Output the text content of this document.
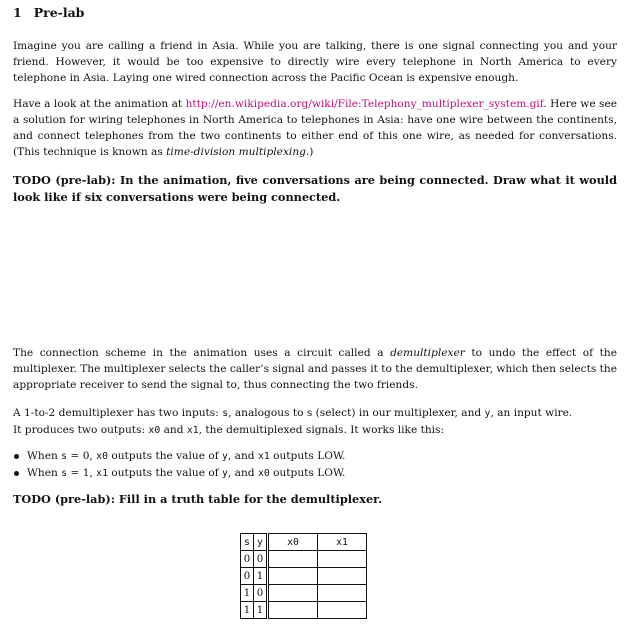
1 Pre-lab

Imagine you are calling a friend in Asia. While you are talking, there is one signal connecting you and your friend. However, it would be too expensive to directly wire every telephone in North America to every telephone in Asia. Laying one wired connection across the Pacific Ocean is expensive enough.

Have a look at the animation at http://en.wikipedia.org/wiki/File:Telephony_multiplexer_system.gif. Here we see a solution for wiring telephones in North America to telephones in Asia: have one wire between the continents, and connect telephones from the two continents to either end of this one wire, as needed for conversations. (This technique is known as time-division multiplexing.)

TODO (pre-lab): In the animation, five conversations are being connected. Draw what it would look like if six conversations were being connected.

The connection scheme in the animation uses a circuit called a demultiplexer to undo the effect of the multiplexer. The multiplexer selects the caller’s signal and passes it to the demultiplexer, which then selects the appropriate receiver to send the signal to, thus connecting the two friends.

A 1-to-2 demultiplexer has two inputs: s, analogous to s (select) in our multiplexer, and y, an input wire.
It produces two outputs: x0 and x1, the demultiplexed signals. It works like this:

When s = 0, x0 outputs the value of y, and x1 outputs LOW.
When s = 1, x1 outputs the value of y, and x0 outputs LOW.

TODO (pre-lab): Fill in a truth table for the demultiplexer.

s	y	x0	x1
0	0		
0	1		
1	0		
1	1		
